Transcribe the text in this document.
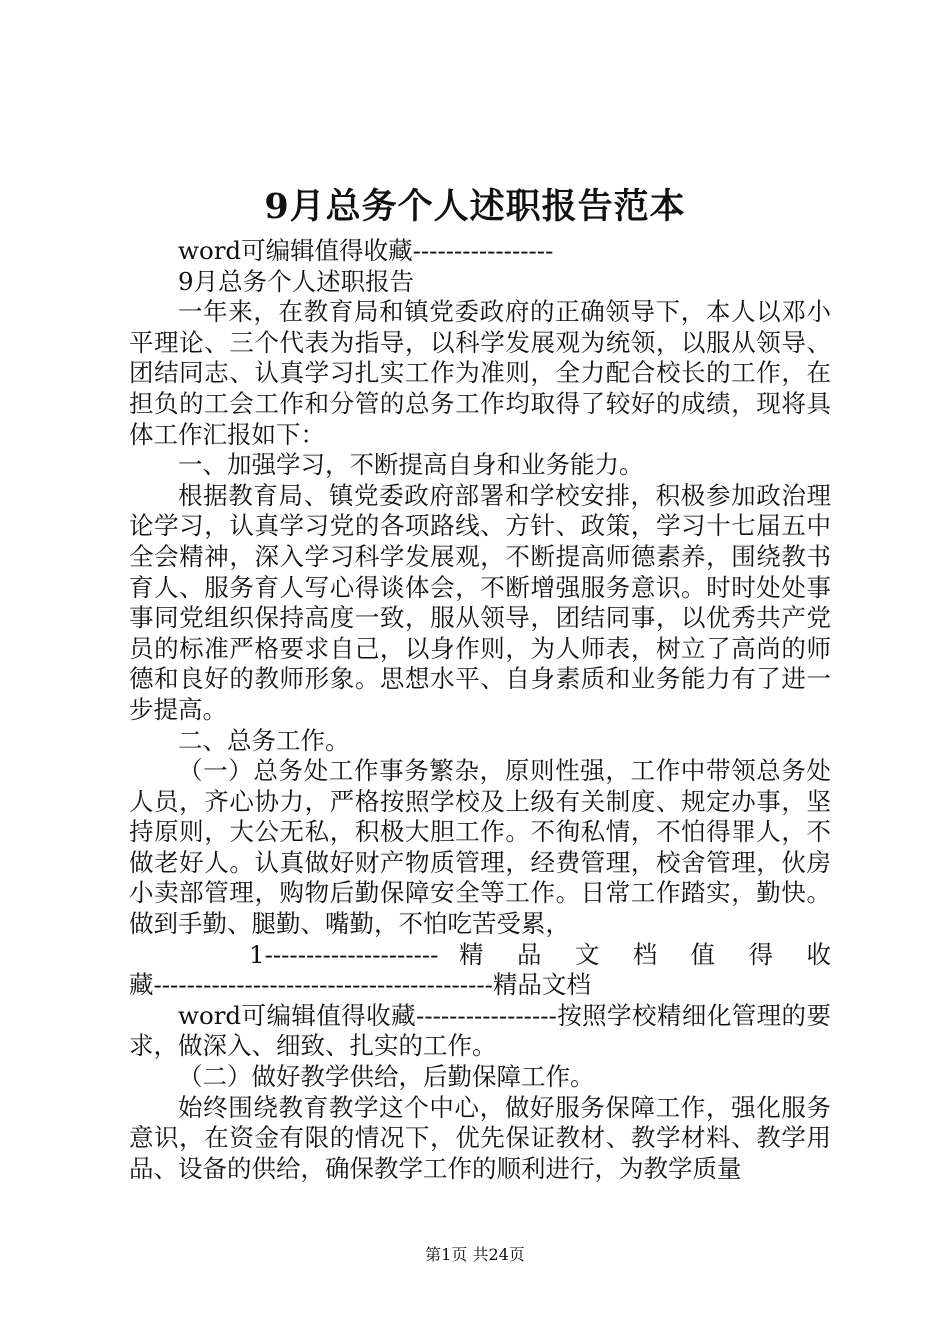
9月总务个人述职报告范本

word可编辑值得收藏-----------------

9月总务个人述职报告

一年来，在教育局和镇党委政府的正确领导下，本人以邓小平理论、三个代表为指导，以科学发展观为统领，以服从领导、团结同志、认真学习扎实工作为准则，全力配合校长的工作，在担负的工会工作和分管的总务工作均取得了较好的成绩，现将具体工作汇报如下：

一、加强学习，不断提高自身和业务能力。

根据教育局、镇党委政府部署和学校安排，积极参加政治理论学习，认真学习党的各项路线、方针、政策，学习十七届五中全会精神，深入学习科学发展观，不断提高师德素养，围绕教书育人、服务育人写心得谈体会，不断增强服务意识。时时处处事事同党组织保持高度一致，服从领导，团结同事，以优秀共产党员的标准严格要求自己，以身作则，为人师表，树立了高尚的师德和良好的教师形象。思想水平、自身素质和业务能力有了进一步提高。

二、总务工作。

（一）总务处工作事务繁杂，原则性强，工作中带领总务处人员，齐心协力，严格按照学校及上级有关制度、规定办事，坚持原则，大公无私，积极大胆工作。不徇私情，不怕得罪人，不做老好人。认真做好财产物质管理，经费管理，校舍管理，伙房小卖部管理，购物后勤保障安全等工作。日常工作踏实，勤快。做到手勤、腿勤、嘴勤，不怕吃苦受累，

1--------------------- 精 品 文 档 值 得 收

藏-----------------------------------------精品文档

word可编辑值得收藏-----------------按照学校精细化管理的要求，做深入、细致、扎实的工作。

（二）做好教学供给，后勤保障工作。

始终围绕教育教学这个中心，做好服务保障工作，强化服务意识，在资金有限的情况下，优先保证教材、教学材料、教学用品、设备的供给，确保教学工作的顺利进行，为教学质量

第1页 共24页
